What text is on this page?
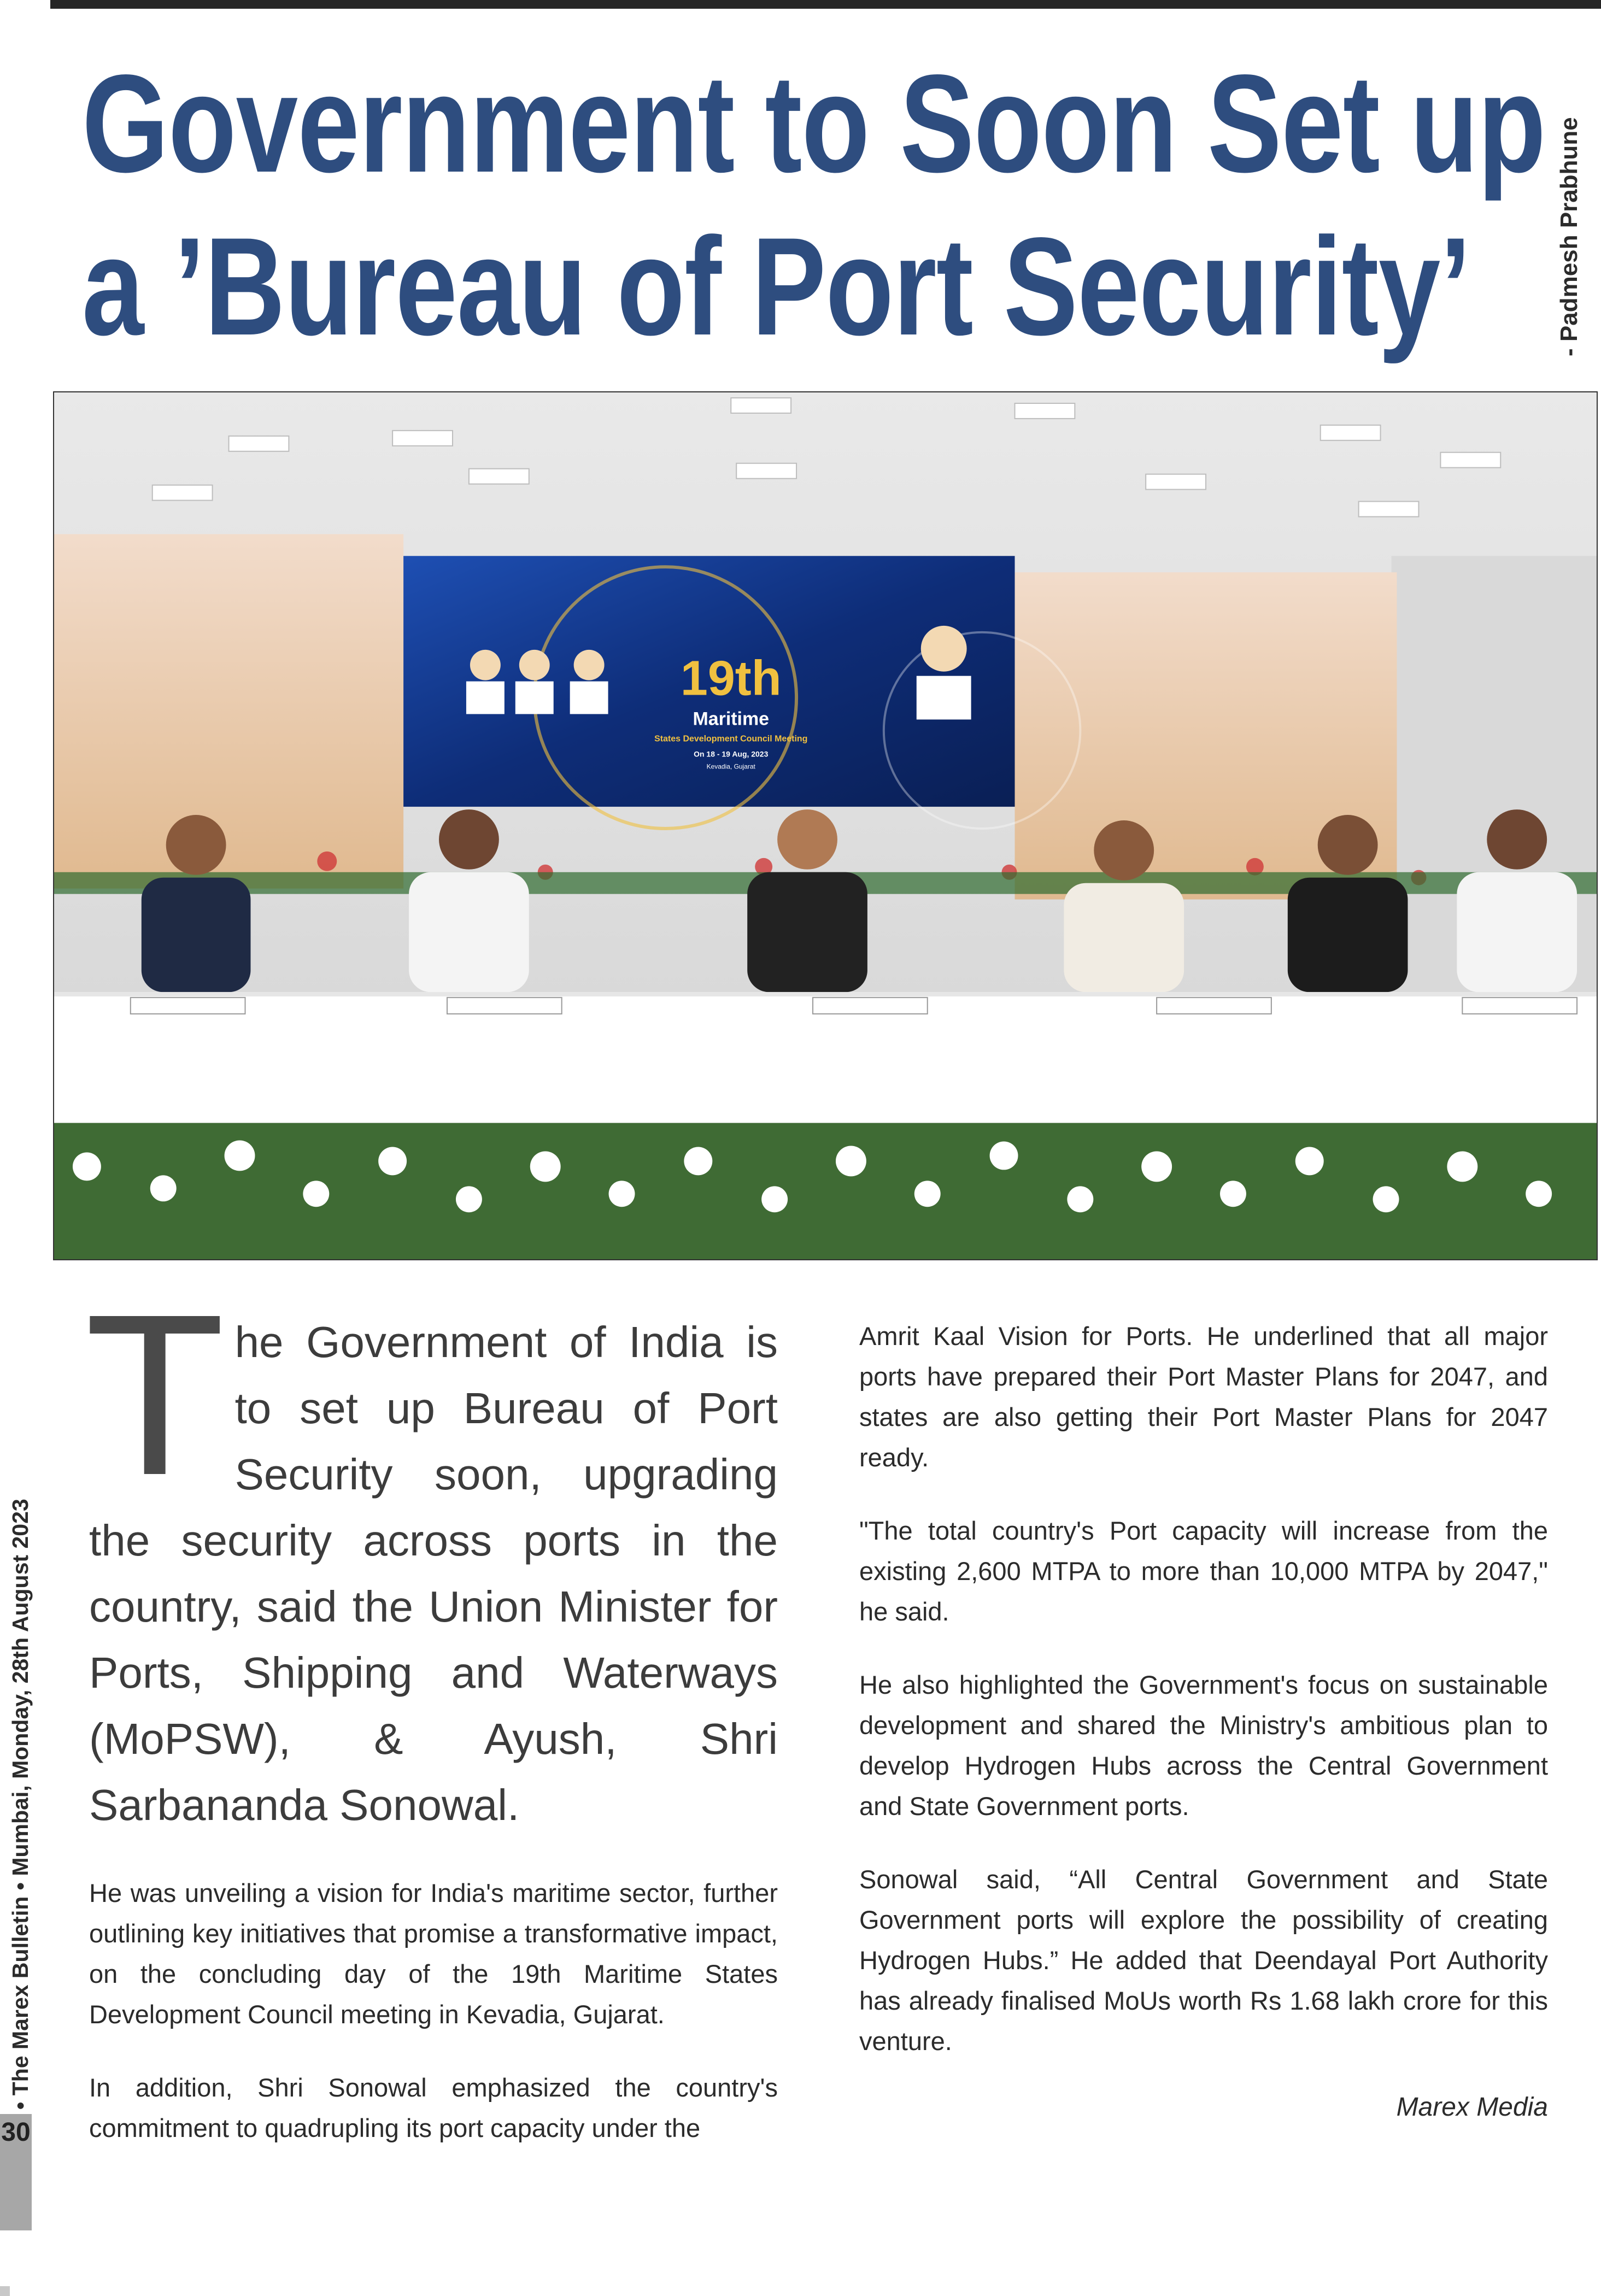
Government to Soon Set up
a ’Bureau of Port Security’	- Padmesh Prabhune
19th
Maritime
States Development Council Meeting
On 18 - 19 Aug, 2023
Kevadia, Gujarat

The Government of India is to set up Bureau of Port Security soon, upgrading the security across ports in the country, said the Union Minister for Ports, Shipping and Waterways (MoPSW), & Ayush, Shri Sarbananda Sonowal.

He was unveiling a vision for India's maritime sector, further outlining key initiatives that promise a transformative impact, on the concluding day of the 19th Maritime States Development Council meeting in Kevadia, Gujarat.

In addition, Shri Sonowal emphasized the country's commitment to quadrupling its port capacity under the

Amrit Kaal Vision for Ports. He underlined that all major ports have prepared their Port Master Plans for 2047, and states are also getting their Port Master Plans for 2047 ready.

"The total country's Port capacity will increase from the existing 2,600 MTPA to more than 10,000 MTPA by 2047," he said.

He also highlighted the Government's focus on sustainable development and shared the Ministry's ambitious plan to develop Hydrogen Hubs across the Central Government and State Government ports.

Sonowal said, “All Central Government and State Government ports will explore the possibility of creating Hydrogen Hubs.” He added that Deendayal Port Authority has already finalised MoUs worth Rs 1.68 lakh crore for this venture.

Marex Media
30
• The Marex Bulletin • Mumbai, Monday, 28th August 2023
